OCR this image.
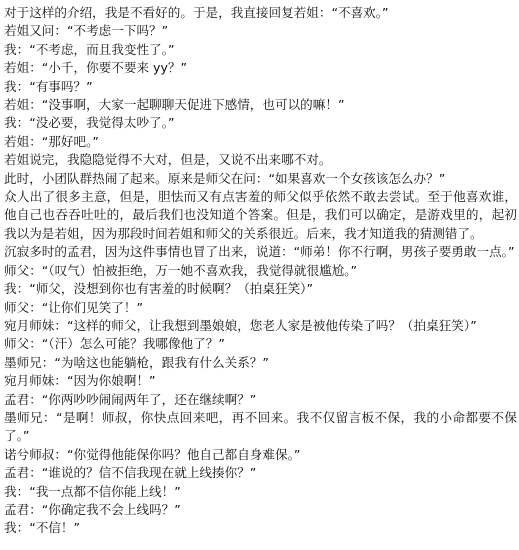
对于这样的介绍，我是不看好的。于是，我直接回复若姐：“不喜欢。”

若姐又问：“不考虑一下吗？”

我：“不考虑，而且我变性了。”

若姐：“小千，你要不要来 yy？”

我：“有事吗？”

若姐：“没事啊，大家一起聊聊天促进下感情，也可以的嘛！”

我：“没必要，我觉得太吵了。”

若姐：“那好吧。”

若姐说完，我隐隐觉得不大对，但是，又说不出来哪不对。

此时，小团队群热闹了起来。原来是师父在问：“如果喜欢一个女孩该怎么办？”

众人出了很多主意，但是，胆怯而又有点害羞的师父似乎依然不敢去尝试。至于他喜欢谁，他自己也吞吞吐吐的，最后我们也没知道个答案。但是，我们可以确定，是游戏里的，起初我以为是若姐，因为那段时间若姐和师父的关系很近。后来，我才知道我的猜测错了。

沉寂多时的孟君，因为这件事情也冒了出来，说道：“师弟！你不行啊，男孩子要勇敢一点。”

师父：“（叹气）怕被拒绝，万一她不喜欢我，我觉得就很尴尬。”

我：“师父，没想到你也有害羞的时候啊？（拍桌狂笑）”

师父：“让你们见笑了！”

宛月师妹：“这样的师父，让我想到墨娘娘，您老人家是被他传染了吗？（拍桌狂笑）”

师父：“（汗）怎么可能？我哪像他了？”

墨师兄：“为啥这也能躺枪，跟我有什么关系？”

宛月师妹：“因为你娘啊！”

孟君：“你两吵吵闹闹两年了，还在继续啊？”

墨师兄：“是啊！师叔，你快点回来吧，再不回来。我不仅留言板不保，我的小命都要不保了。”

诺兮师叔：“你觉得他能保你吗？他自己都自身难保。”

孟君：“谁说的？信不信我现在就上线揍你？”

我：“我一点都不信你能上线！”

孟君：“你确定我不会上线吗？”

我：“不信！”
